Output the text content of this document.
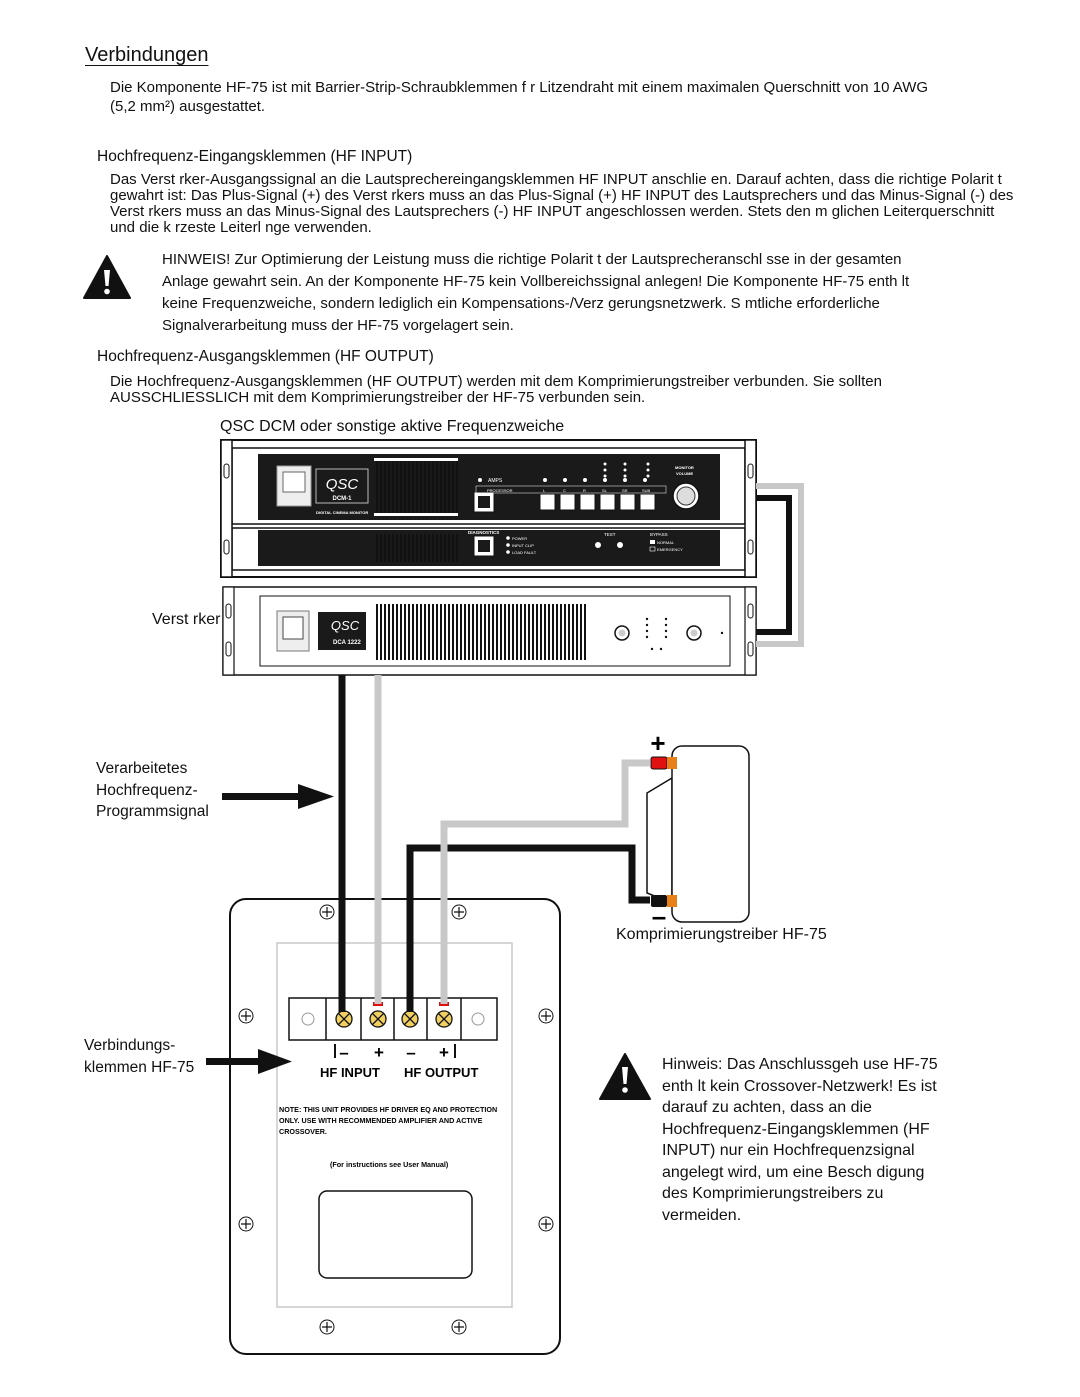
Verbindungen
Die Komponente HF-75 ist mit Barrier-Strip-Schraubklemmen f r Litzendraht mit einem maximalen Querschnitt von 10 AWG
(5,2 mm²) ausgestattet.
Hochfrequenz-Eingangsklemmen (HF INPUT)
Das Verst rker-Ausgangssignal an die Lautsprechereingangsklemmen HF INPUT anschlie en. Darauf achten, dass die richtige Polarit t
gewahrt ist: Das Plus-Signal (+) des Verst rkers muss an das Plus-Signal (+) HF INPUT des Lautsprechers und das Minus-Signal (-) des
Verst rkers muss an das Minus-Signal des Lautsprechers (-) HF INPUT angeschlossen werden. Stets den m glichen Leiterquerschnitt
und die k rzeste Leiterl nge verwenden.
HINWEIS! Zur Optimierung der Leistung muss die richtige Polarit t der Lautsprecheranschl sse in der gesamten
Anlage gewahrt sein. An der Komponente HF-75 kein Vollbereichssignal anlegen! Die Komponente HF-75 enth lt
keine Frequenzweiche, sondern lediglich ein Kompensations-/Verz gerungsnetzwerk. S mtliche erforderliche
Signalverarbeitung muss der HF-75 vorgelagert sein.
Hochfrequenz-Ausgangsklemmen (HF OUTPUT)
Die Hochfrequenz-Ausgangsklemmen (HF OUTPUT) werden mit dem Komprimierungstreiber verbunden. Sie sollten
AUSSCHLIESSLICH mit dem Komprimierungstreiber der HF-75 verbunden sein.
QSC DCM oder sonstige aktive Frequenzweiche
Verst rker
Verarbeitetes
Hochfrequenz-
Programmsignal
Komprimierungstreiber HF-75
Verbindungs-
klemmen HF-75
QSC
DCM-1
DIGITAL CINEMA MONITOR
AMPS
PROCESSOR	L	C	R	SL	SR	SUB
MONITOR
VOLUME
DIAGNOSTICS
POWER
INPUT CLIP
LOAD FAULT
TEST	BYPASS
NORMAL
EMERGENCY
QSC
DCA 1222
– + – +
HF INPUT HF OUTPUT
NOTE: THIS UNIT PROVIDES HF DRIVER EQ AND PROTECTION
ONLY. USE WITH RECOMMENDED AMPLIFIER AND ACTIVE
CROSSOVER.
(For instructions see User Manual)
+
–
Hinweis: Das Anschlussgeh use HF-75
enth lt kein Crossover-Netzwerk! Es ist
darauf zu achten, dass an die
Hochfrequenz-Eingangsklemmen (HF
INPUT) nur ein Hochfrequenzsignal
angelegt wird, um eine Besch digung
des Komprimierungstreibers zu
vermeiden.
